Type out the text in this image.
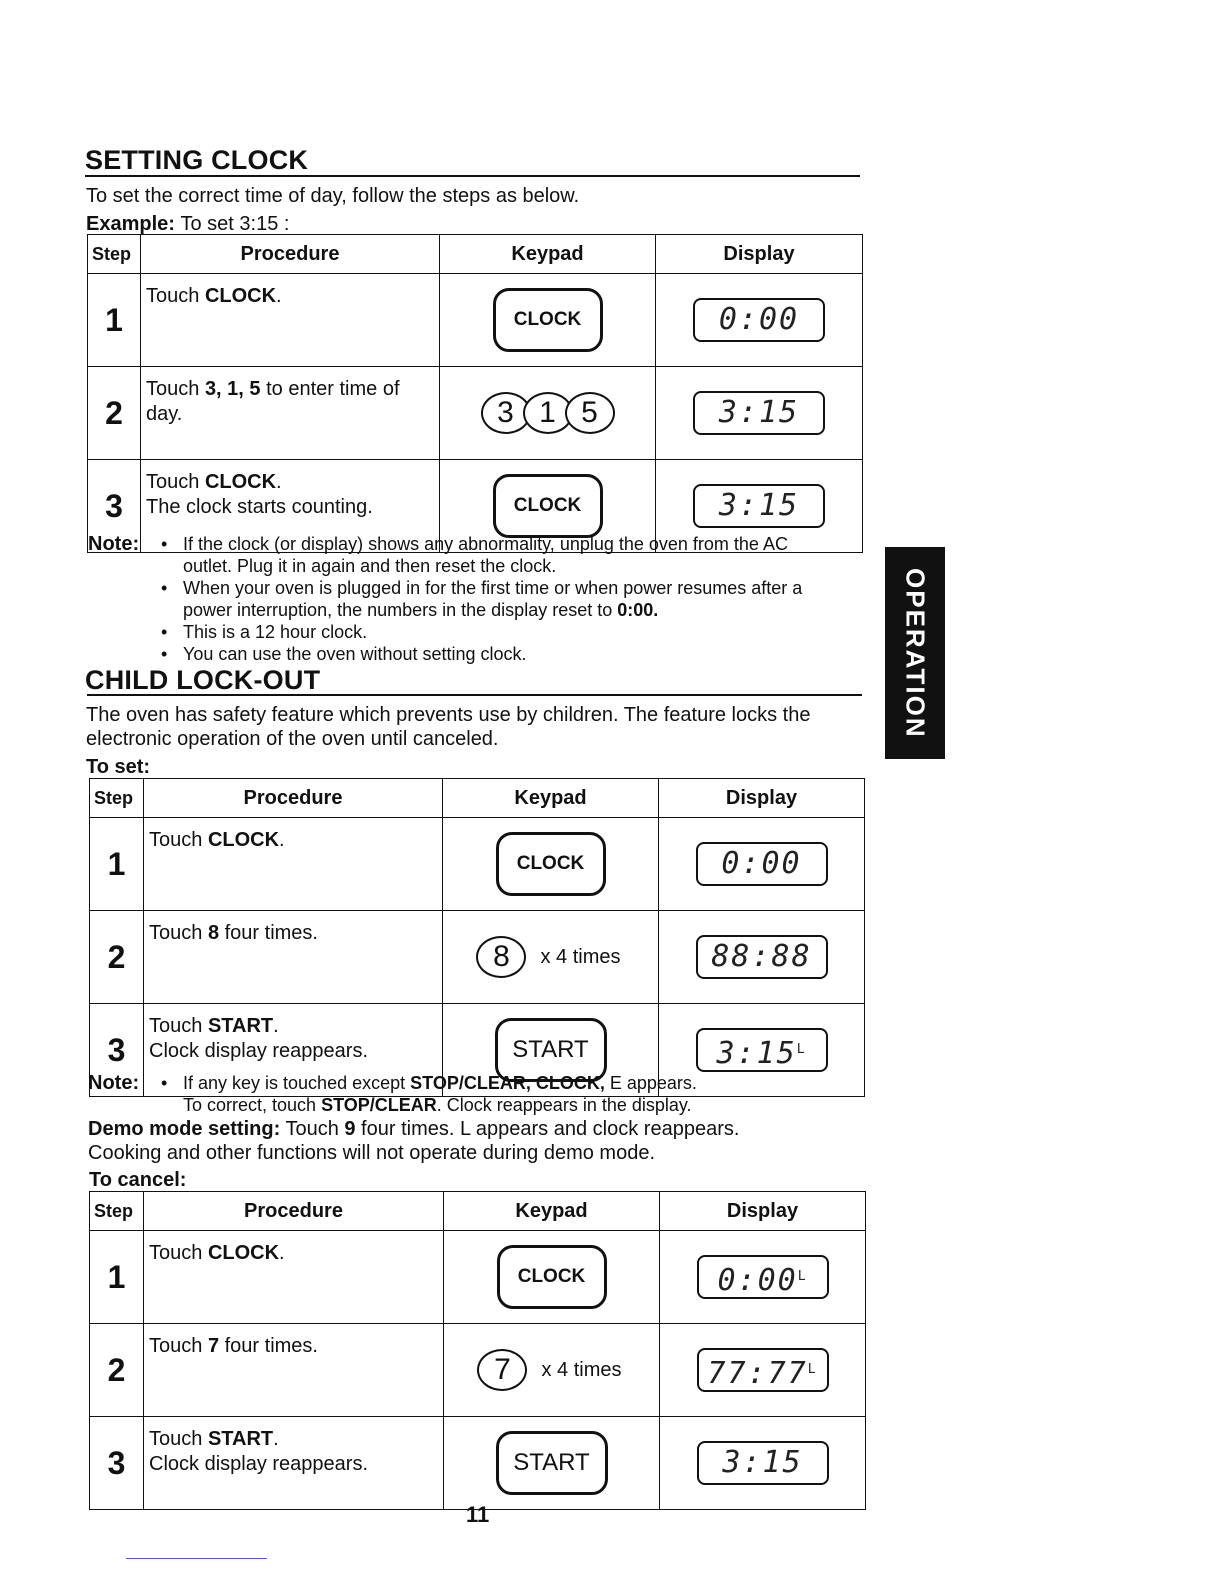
SETTING CLOCK
To set the correct time of day, follow the steps as below.
Example: To set 3:15 :
Step	Procedure	Keypad	Display
1	Touch CLOCK.	CLOCK	0:00
2	Touch 3, 1, 5 to enter time of day.	3 1 5	3:15
3	Touch CLOCK.
The clock starts counting.	CLOCK	3:15
Note: • If the clock (or display) shows any abnormality, unplug the oven from the AC outlet. Plug it in again and then reset the clock.
• When your oven is plugged in for the first time or when power resumes after a power interruption, the numbers in the display reset to 0:00.
• This is a 12 hour clock.
• You can use the oven without setting clock.
CHILD LOCK-OUT
The oven has safety feature which prevents use by children. The feature locks the electronic operation of the oven until canceled.
To set:
Step	Procedure	Keypad	Display
1	Touch CLOCK.	CLOCK	0:00
2	Touch 8 four times.	8 x 4 times	88:88
3	Touch START.
Clock display reappears.	START	$3:15^L$
Note: • If any key is touched except STOP/CLEAR, CLOCK, E appears.
To correct, touch STOP/CLEAR. Clock reappears in the display.
Demo mode setting: Touch 9 four times. L appears and clock reappears.
Cooking and other functions will not operate during demo mode.
To cancel:
Step	Procedure	Keypad	Display
1	Touch CLOCK.	CLOCK	$0:00^L$
2	Touch 7 four times.	7 x 4 times	$77:77^L$
3	Touch START.
Clock display reappears.	START	3:15
OPERATION
11
